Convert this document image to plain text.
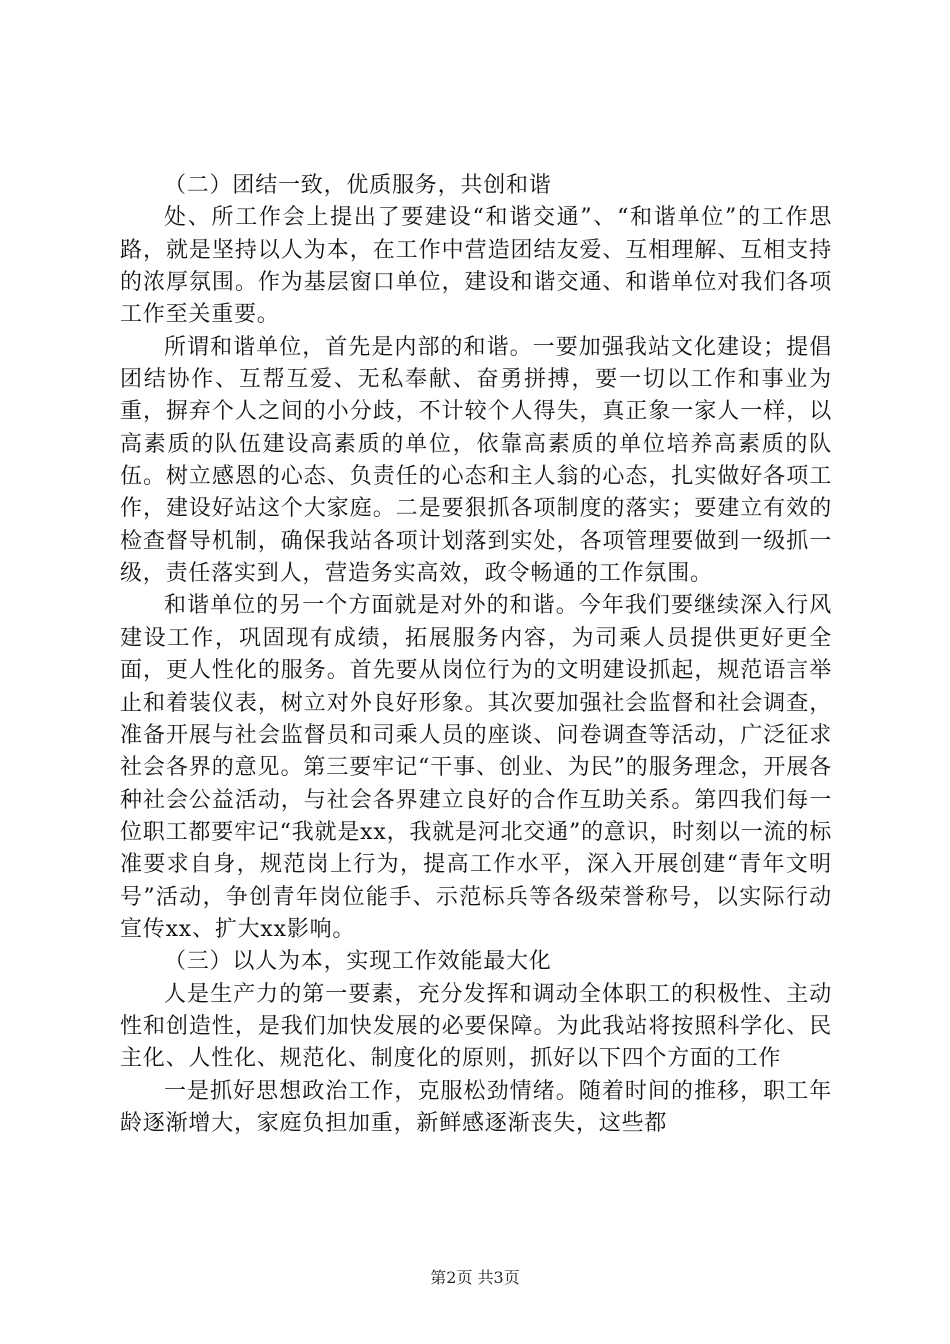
（二）团结一致，优质服务，共创和谐

处、所工作会上提出了要建设“和谐交通”、“和谐单位”的工作思路，就是坚持以人为本，在工作中营造团结友爱、互相理解、互相支持的浓厚氛围。作为基层窗口单位，建设和谐交通、和谐单位对我们各项工作至关重要。

所谓和谐单位，首先是内部的和谐。一要加强我站文化建设；提倡团结协作、互帮互爱、无私奉献、奋勇拼搏，要一切以工作和事业为重，摒弃个人之间的小分歧，不计较个人得失，真正象一家人一样，以高素质的队伍建设高素质的单位，依靠高素质的单位培养高素质的队伍。树立感恩的心态、负责任的心态和主人翁的心态，扎实做好各项工作，建设好站这个大家庭。二是要狠抓各项制度的落实；要建立有效的检查督导机制，确保我站各项计划落到实处，各项管理要做到一级抓一级，责任落实到人，营造务实高效，政令畅通的工作氛围。

和谐单位的另一个方面就是对外的和谐。今年我们要继续深入行风建设工作，巩固现有成绩，拓展服务内容，为司乘人员提供更好更全面，更人性化的服务。首先要从岗位行为的文明建设抓起，规范语言举止和着装仪表，树立对外良好形象。其次要加强社会监督和社会调查，准备开展与社会监督员和司乘人员的座谈、问卷调查等活动，广泛征求社会各界的意见。第三要牢记“干事、创业、为民”的服务理念，开展各种社会公益活动，与社会各界建立良好的合作互助关系。第四我们每一位职工都要牢记“我就是xx，我就是河北交通”的意识，时刻以一流的标准要求自身，规范岗上行为，提高工作水平，深入开展创建“青年文明号”活动，争创青年岗位能手、示范标兵等各级荣誉称号，以实际行动宣传xx、扩大xx影响。

（三）以人为本，实现工作效能最大化

人是生产力的第一要素，充分发挥和调动全体职工的积极性、主动性和创造性，是我们加快发展的必要保障。为此我站将按照科学化、民主化、人性化、规范化、制度化的原则，抓好以下四个方面的工作

一是抓好思想政治工作，克服松劲情绪。随着时间的推移，职工年龄逐渐增大，家庭负担加重，新鲜感逐渐丧失，这些都

第2页 共3页
